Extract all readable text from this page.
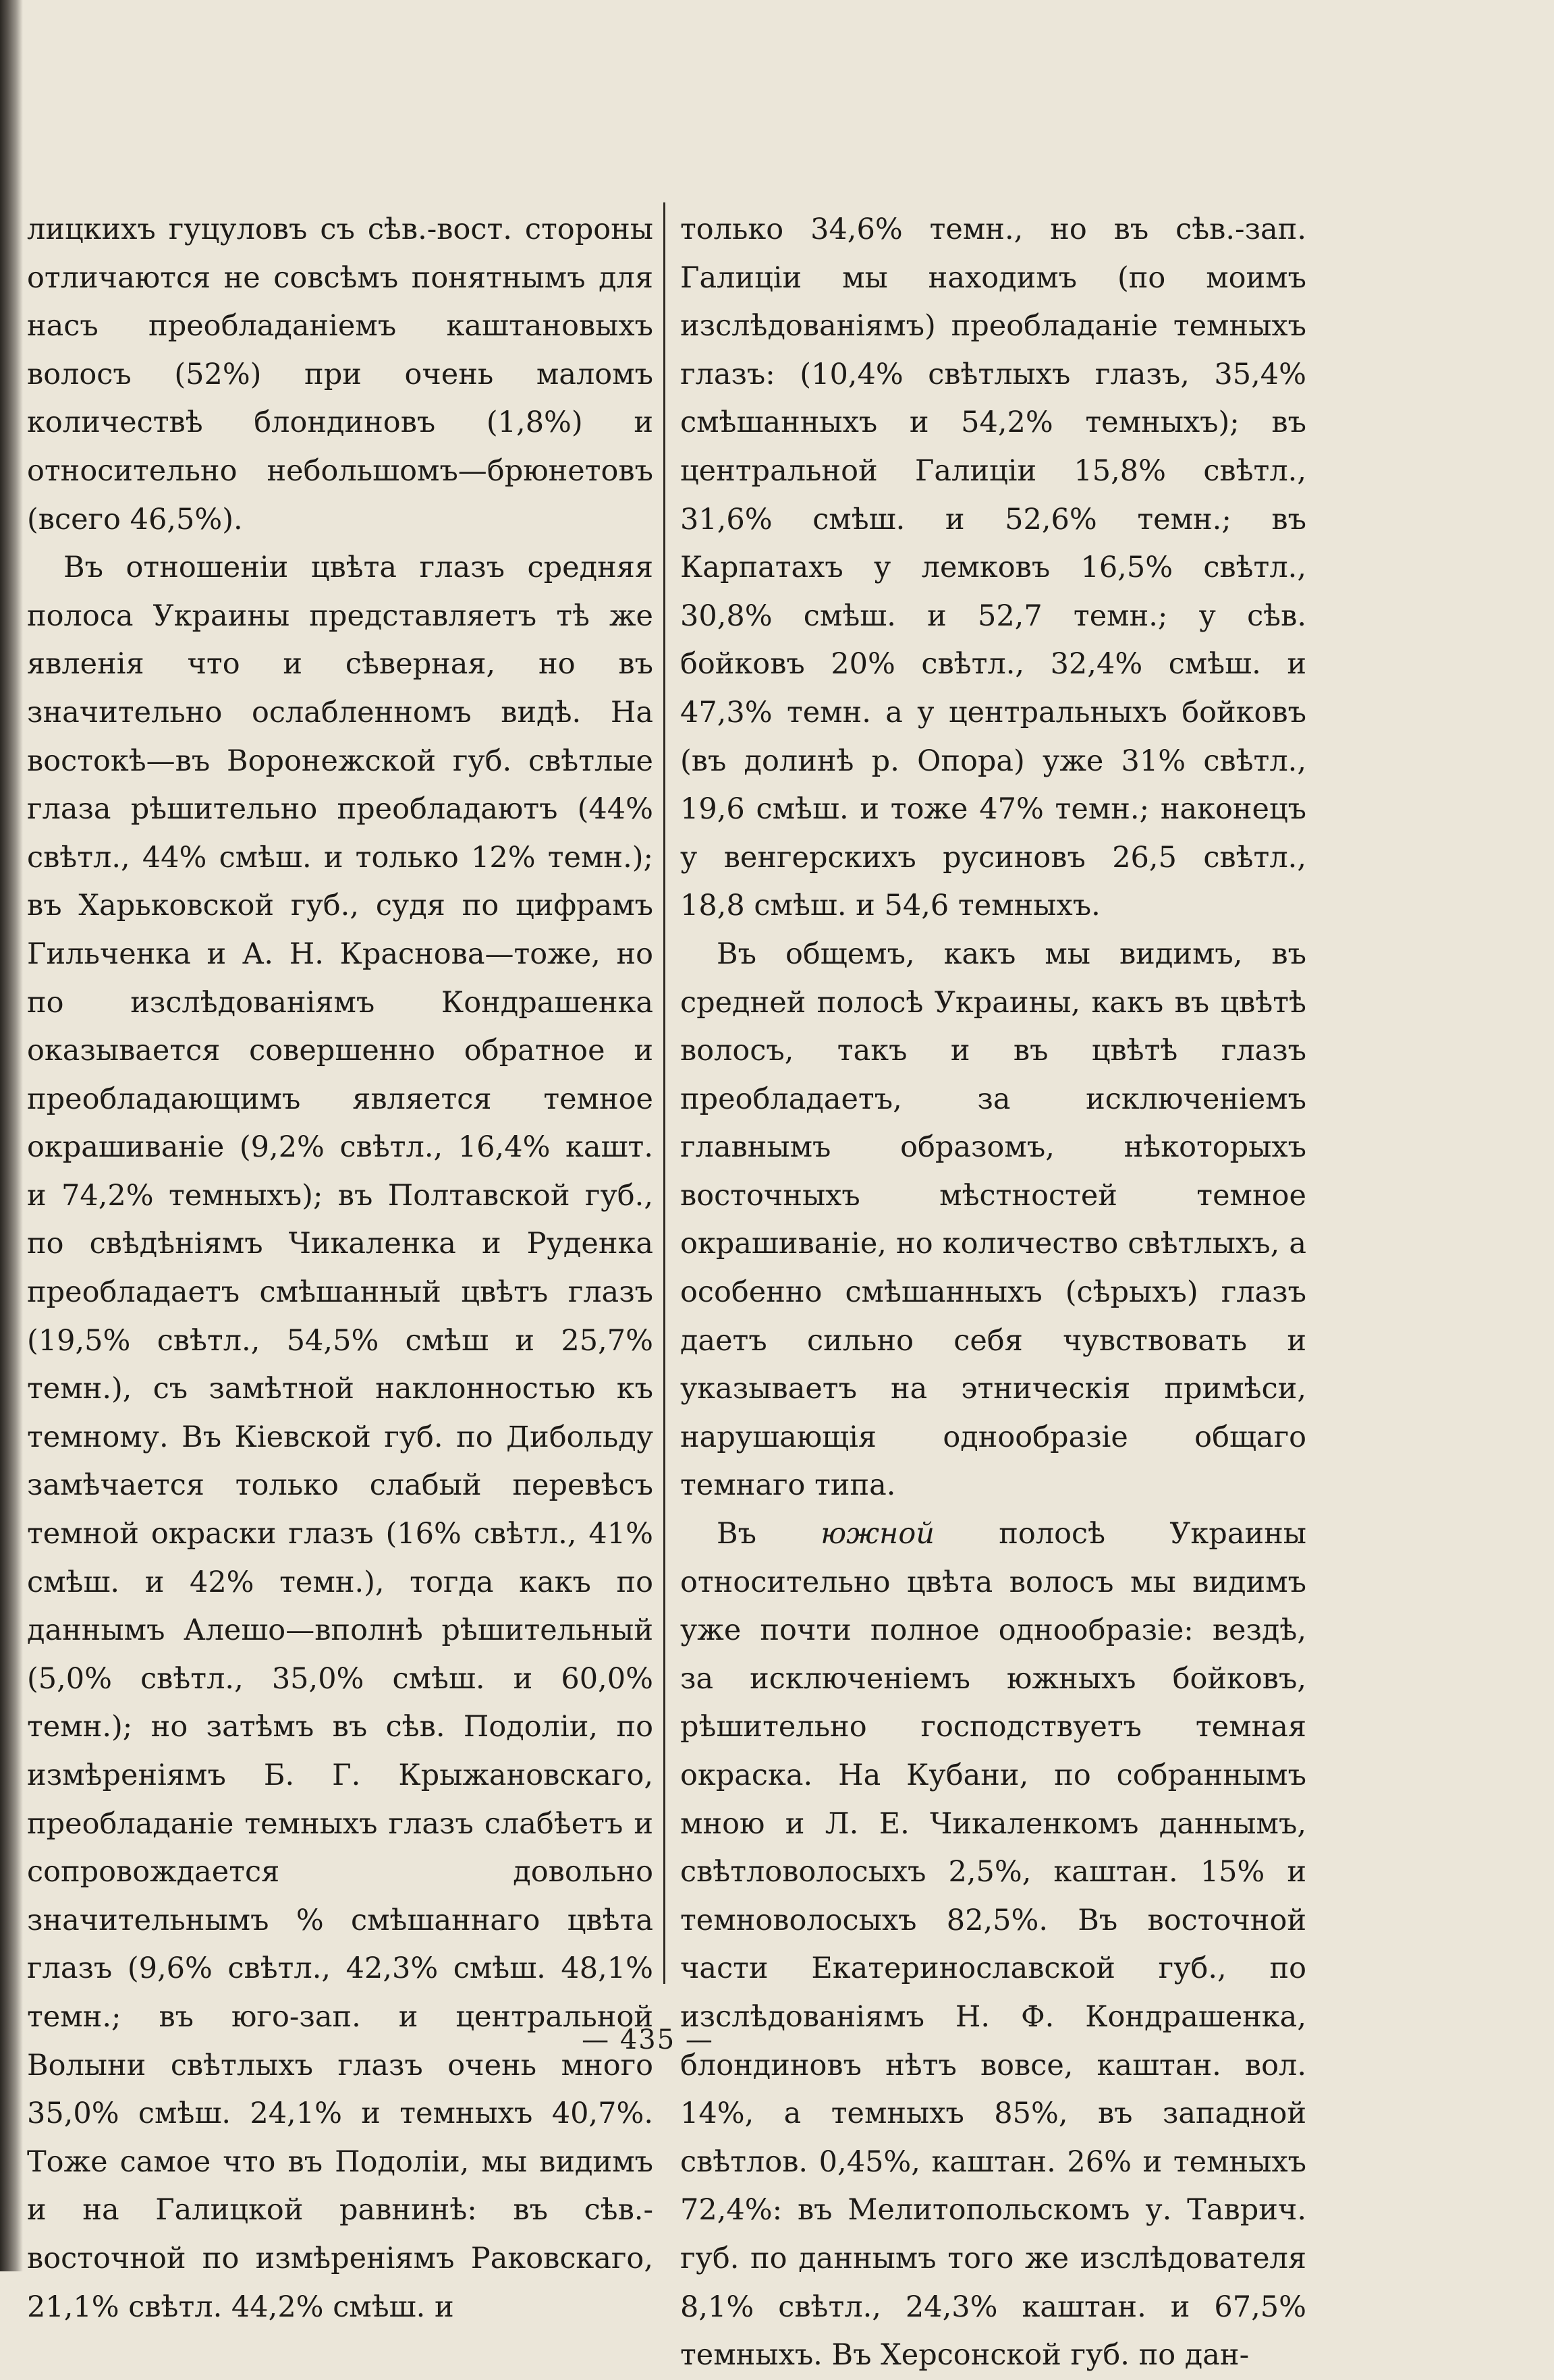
лицкихъ гуцуловъ съ сѣв.-вост. стороны отличаются не совсѣмъ понятнымъ для насъ преобладаніемъ каштановыхъ волосъ (52%) при очень маломъ количествѣ блондиновъ (1,8%) и относительно небольшомъ—брюнетовъ (всего 46,5%).

Въ отношеніи цвѣта глазъ средняя полоса Украины представляетъ тѣ же явленія что и сѣверная, но въ значительно ослабленномъ видѣ. На востокѣ—въ Воронежской губ. свѣтлые глаза рѣшительно преобладаютъ (44% свѣтл., 44% смѣш. и только 12% темн.); въ Харьковской губ., судя по цифрамъ Гильченка и А. Н. Краснова—тоже, но по изслѣдованіямъ Кондрашенка оказывается совершенно обратное и преобладающимъ является темное окрашиваніе (9,2% свѣтл., 16,4% кашт. и 74,2% темныхъ); въ Полтавской губ., по свѣдѣніямъ Чикаленка и Руденка преобладаетъ смѣшанный цвѣтъ глазъ (19,5% свѣтл., 54,5% смѣш и 25,7% темн.), съ замѣтной наклонностью къ темному. Въ Кіевской губ. по Дибольду замѣчается только слабый перевѣсъ темной окраски глазъ (16% свѣтл., 41% смѣш. и 42% темн.), тогда какъ по даннымъ Алешо—вполнѣ рѣшительный (5,0% свѣтл., 35,0% смѣш. и 60,0% темн.); но затѣмъ въ сѣв. Подоліи, по измѣреніямъ Б. Г. Крыжановскаго, преобладаніе темныхъ глазъ слабѣетъ и сопровождается довольно значительнымъ % смѣшаннаго цвѣта глазъ (9,6% свѣтл., 42,3% смѣш. 48,1% темн.; въ юго-зап. и центральной Волыни свѣтлыхъ глазъ очень много 35,0% смѣш. 24,1% и темныхъ 40,7%. Тоже самое что въ Подоліи, мы видимъ и на Галицкой равнинѣ: въ сѣв.-восточной по измѣреніямъ Раковскаго, 21,1% свѣтл. 44,2% смѣш. и

только 34,6% темн., но въ сѣв.-зап. Галиціи мы находимъ (по моимъ изслѣдованіямъ) преобладаніе темныхъ глазъ: (10,4% свѣтлыхъ глазъ, 35,4% смѣшанныхъ и 54,2% темныхъ); въ центральной Галиціи 15,8% свѣтл., 31,6% смѣш. и 52,6% темн.; въ Карпатахъ у лемковъ 16,5% свѣтл., 30,8% смѣш. и 52,7 темн.; у сѣв. бойковъ 20% свѣтл., 32,4% смѣш. и 47,3% темн. а у центральныхъ бойковъ (въ долинѣ р. Опора) уже 31% свѣтл., 19,6 смѣш. и тоже 47% темн.; наконецъ у венгерскихъ русиновъ 26,5 свѣтл., 18,8 смѣш. и 54,6 темныхъ.

Въ общемъ, какъ мы видимъ, въ средней полосѣ Украины, какъ въ цвѣтѣ волосъ, такъ и въ цвѣтѣ глазъ преобладаетъ, за исключеніемъ главнымъ образомъ, нѣкоторыхъ восточныхъ мѣстностей темное окрашиваніе, но количество свѣтлыхъ, а особенно смѣшанныхъ (сѣрыхъ) глазъ даетъ сильно себя чувствовать и указываетъ на этническія примѣси, нарушающія однообразіе общаго темнаго типа.

Въ южной полосѣ Украины относительно цвѣта волосъ мы видимъ уже почти полное однообразіе: вездѣ, за исключеніемъ южныхъ бойковъ, рѣшительно господствуетъ темная окраска. На Кубани, по собраннымъ мною и Л. Е. Чикаленкомъ даннымъ, свѣтловолосыхъ 2,5%, каштан. 15% и темноволосыхъ 82,5%. Въ восточной части Екатеринославской губ., по изслѣдованіямъ Н. Ф. Кондрашенка, блондиновъ нѣтъ вовсе, каштан. вол. 14%, а темныхъ 85%, въ западной свѣтлов. 0,45%, каштан. 26% и темныхъ 72,4%: въ Мелитопольскомъ у. Таврич. губ. по даннымъ того же изслѣдователя 8,1% свѣтл., 24,3% каштан. и 67,5% темныхъ. Въ Херсонской губ. по дан-

— 435 —
